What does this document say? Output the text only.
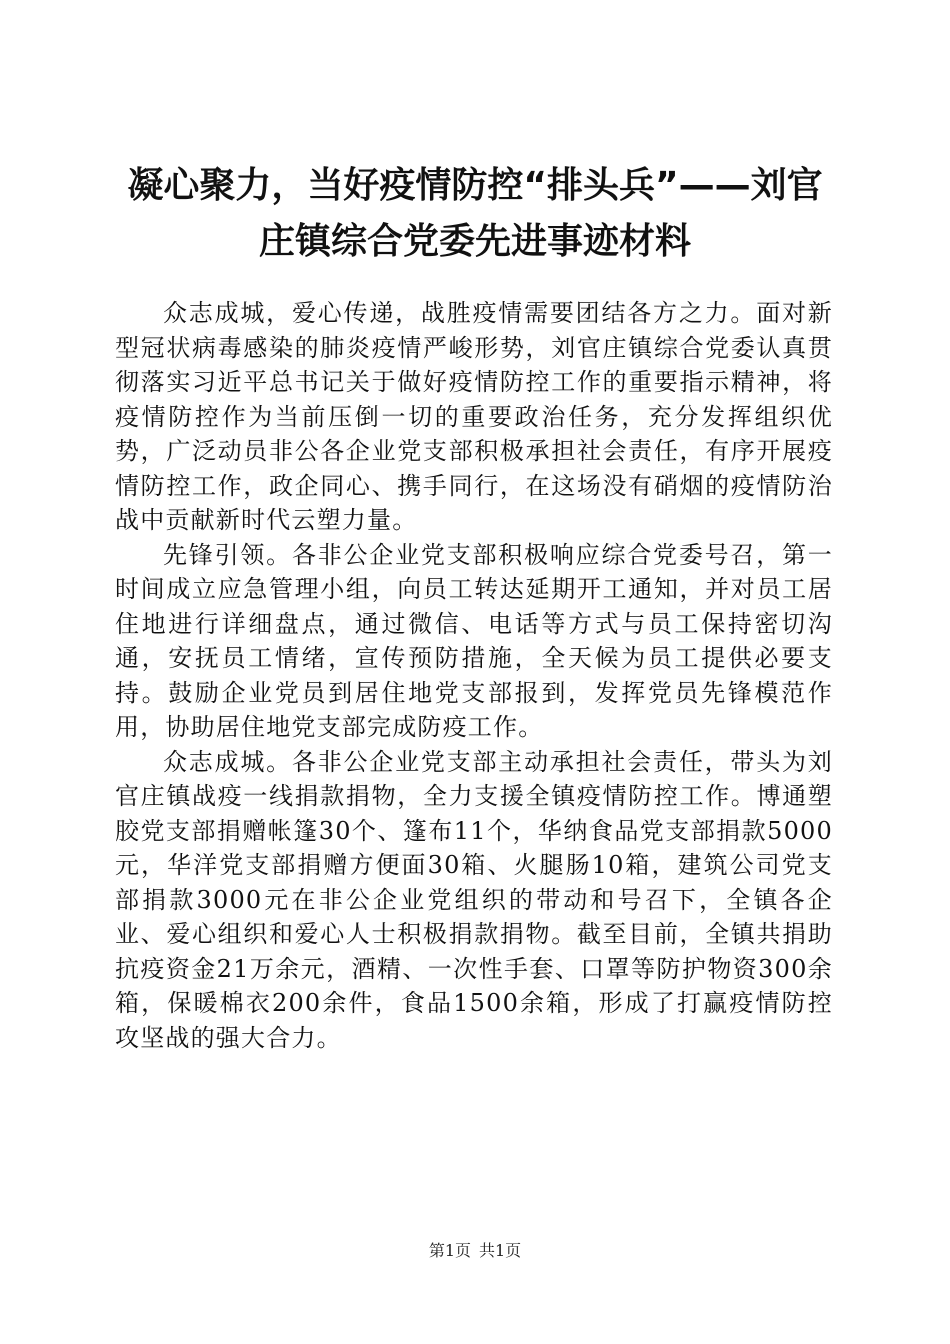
凝心聚力，当好疫情防控“排头兵”——刘官庄镇综合党委先进事迹材料

众志成城，爱心传递，战胜疫情需要团结各方之力。面对新型冠状病毒感染的肺炎疫情严峻形势，刘官庄镇综合党委认真贯彻落实习近平总书记关于做好疫情防控工作的重要指示精神，将疫情防控作为当前压倒一切的重要政治任务，充分发挥组织优势，广泛动员非公各企业党支部积极承担社会责任，有序开展疫情防控工作，政企同心、携手同行，在这场没有硝烟的疫情防治战中贡献新时代云塑力量。

先锋引领。各非公企业党支部积极响应综合党委号召，第一时间成立应急管理小组，向员工转达延期开工通知，并对员工居住地进行详细盘点，通过微信、电话等方式与员工保持密切沟通，安抚员工情绪，宣传预防措施，全天候为员工提供必要支持。鼓励企业党员到居住地党支部报到，发挥党员先锋模范作用，协助居住地党支部完成防疫工作。

众志成城。各非公企业党支部主动承担社会责任，带头为刘官庄镇战疫一线捐款捐物，全力支援全镇疫情防控工作。博通塑胶党支部捐赠帐篷30个、篷布11个，华纳食品党支部捐款5000元，华洋党支部捐赠方便面30箱、火腿肠10箱，建筑公司党支部捐款3000元在非公企业党组织的带动和号召下，全镇各企业、爱心组织和爱心人士积极捐款捐物。截至目前，全镇共捐助抗疫资金21万余元，酒精、一次性手套、口罩等防护物资300余箱，保暖棉衣200余件，食品1500余箱，形成了打赢疫情防控攻坚战的强大合力。

第1页 共1页
